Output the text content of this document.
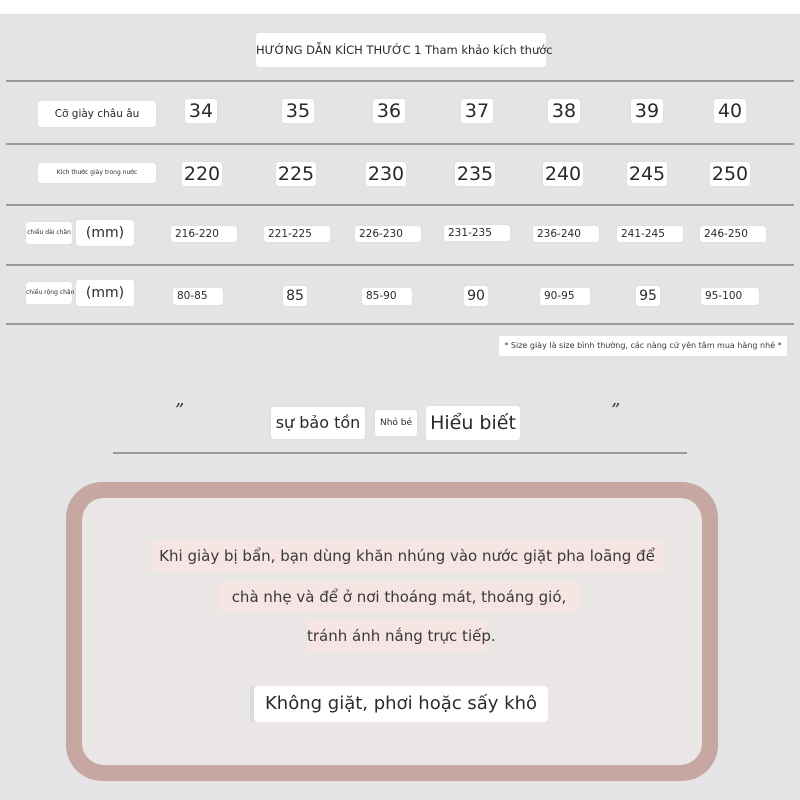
HƯỚNG DẪN KÍCH THƯỚC 1 Tham khảo kích thước
Cỡ giày châu âu	34	35	36	37	38	39	40
Kích thước giày trong nước	220	225	230	235	240	245 250
chiều dài chân	(mm)	216-220	221-225	226-230	231-235	236-240	241-245	246-250
chiều rộng chân (mm)	80-85	85	85-90	90	90-95	95	95-100
* Size giày là size bình thường, các nàng cứ yên tâm mua hàng nhé *
”
sự bảo tồn	Nhỏ bé Hiểu biết
”
Khi giày bị bẩn, bạn dùng khăn nhúng vào nước giặt pha loãng để
chà nhẹ và để ở nơi thoáng mát, thoáng gió,
tránh ánh nắng trực tiếp.
Không giặt, phơi hoặc sấy khô
